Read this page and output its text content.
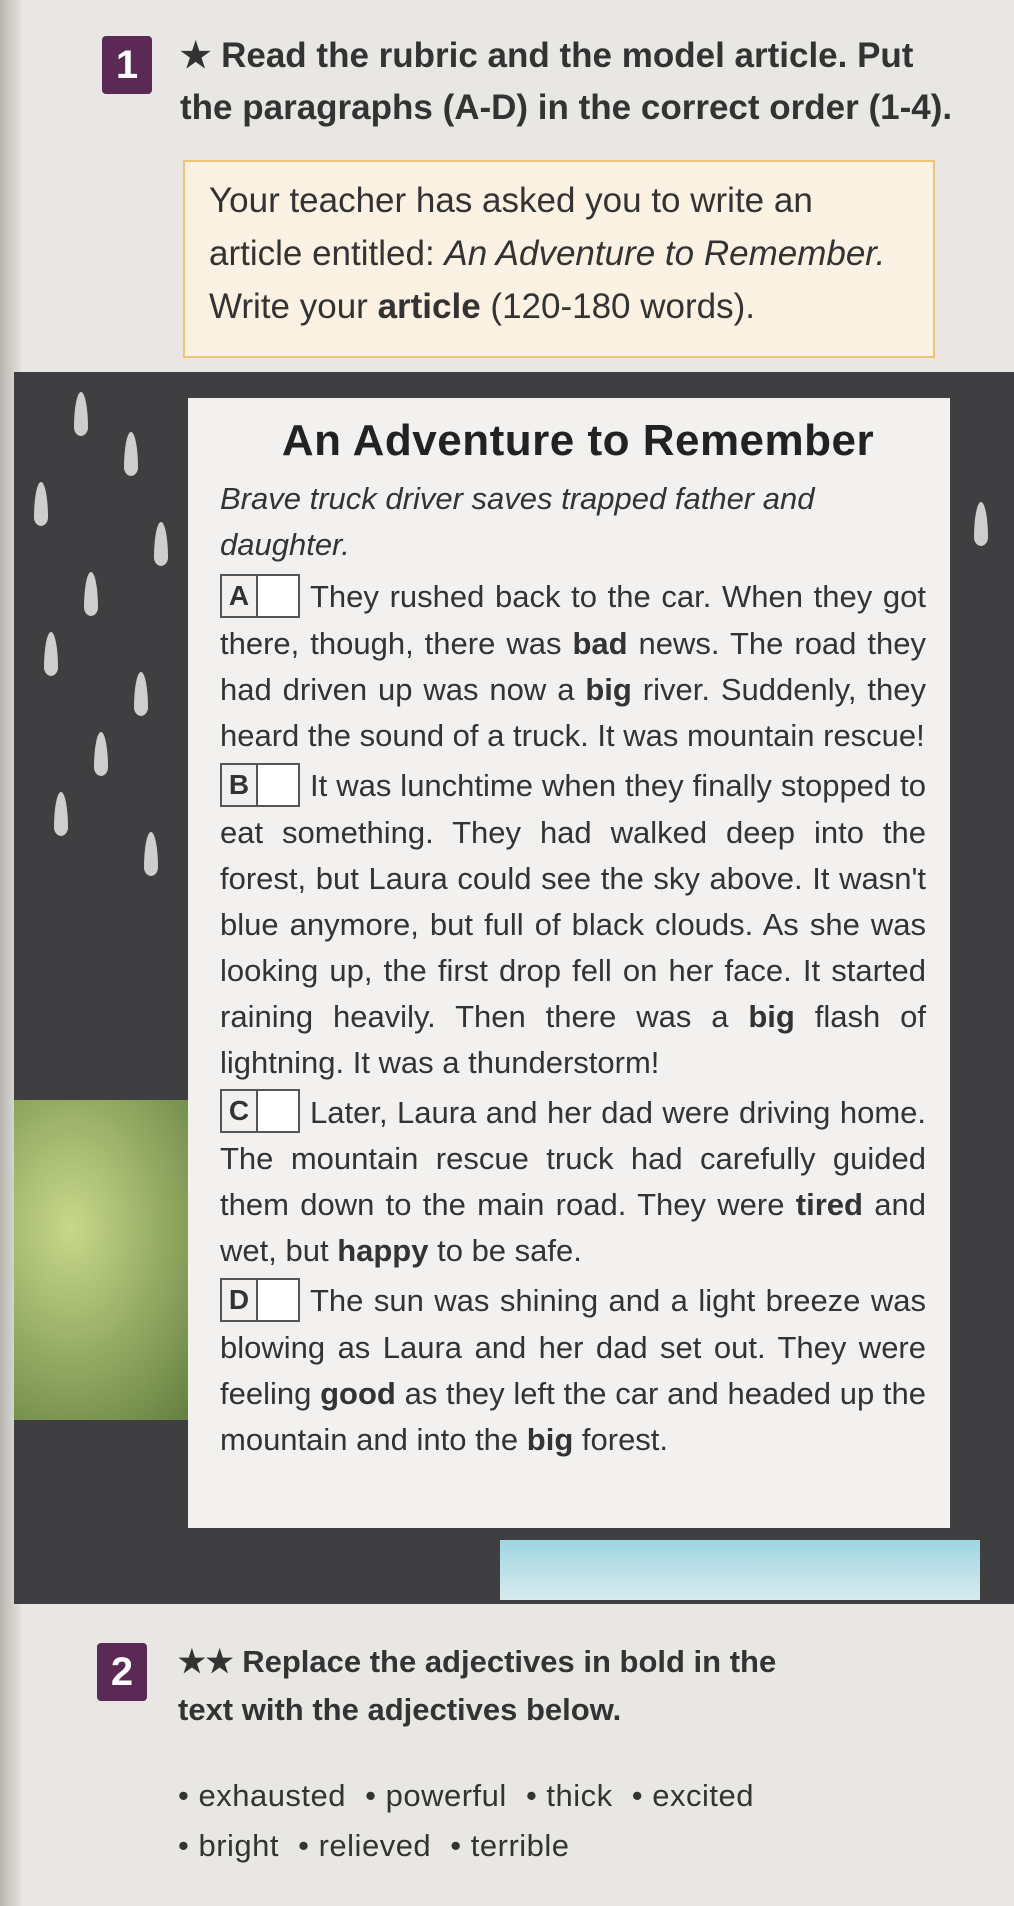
1	★ Read the rubric and the model article. Put
the paragraphs (A-D) in the correct order (1-4).
Your teacher has asked you to write an article entitled: An Adventure to Remember. Write your article (120-180 words).
An Adventure to Remember
Brave truck driver saves trapped father and daughter.
A They rushed back to the car. When they got there, though, there was bad news. The road they had driven up was now a big river. Suddenly, they heard the sound of a truck. It was mountain rescue!
B It was lunchtime when they finally stopped to eat something. They had walked deep into the forest, but Laura could see the sky above. It wasn't blue anymore, but full of black clouds. As she was looking up, the first drop fell on her face. It started raining heavily. Then there was a big flash of lightning. It was a thunderstorm!
C Later, Laura and her dad were driving home. The mountain rescue truck had carefully guided them down to the main road. They were tired and wet, but happy to be safe.
D The sun was shining and a light breeze was blowing as Laura and her dad set out. They were feeling good as they left the car and headed up the mountain and into the big forest.
2	★★ Replace the adjectives in bold in the
text with the adjectives below.
• exhausted • powerful • thick • excited
• bright • relieved • terrible
